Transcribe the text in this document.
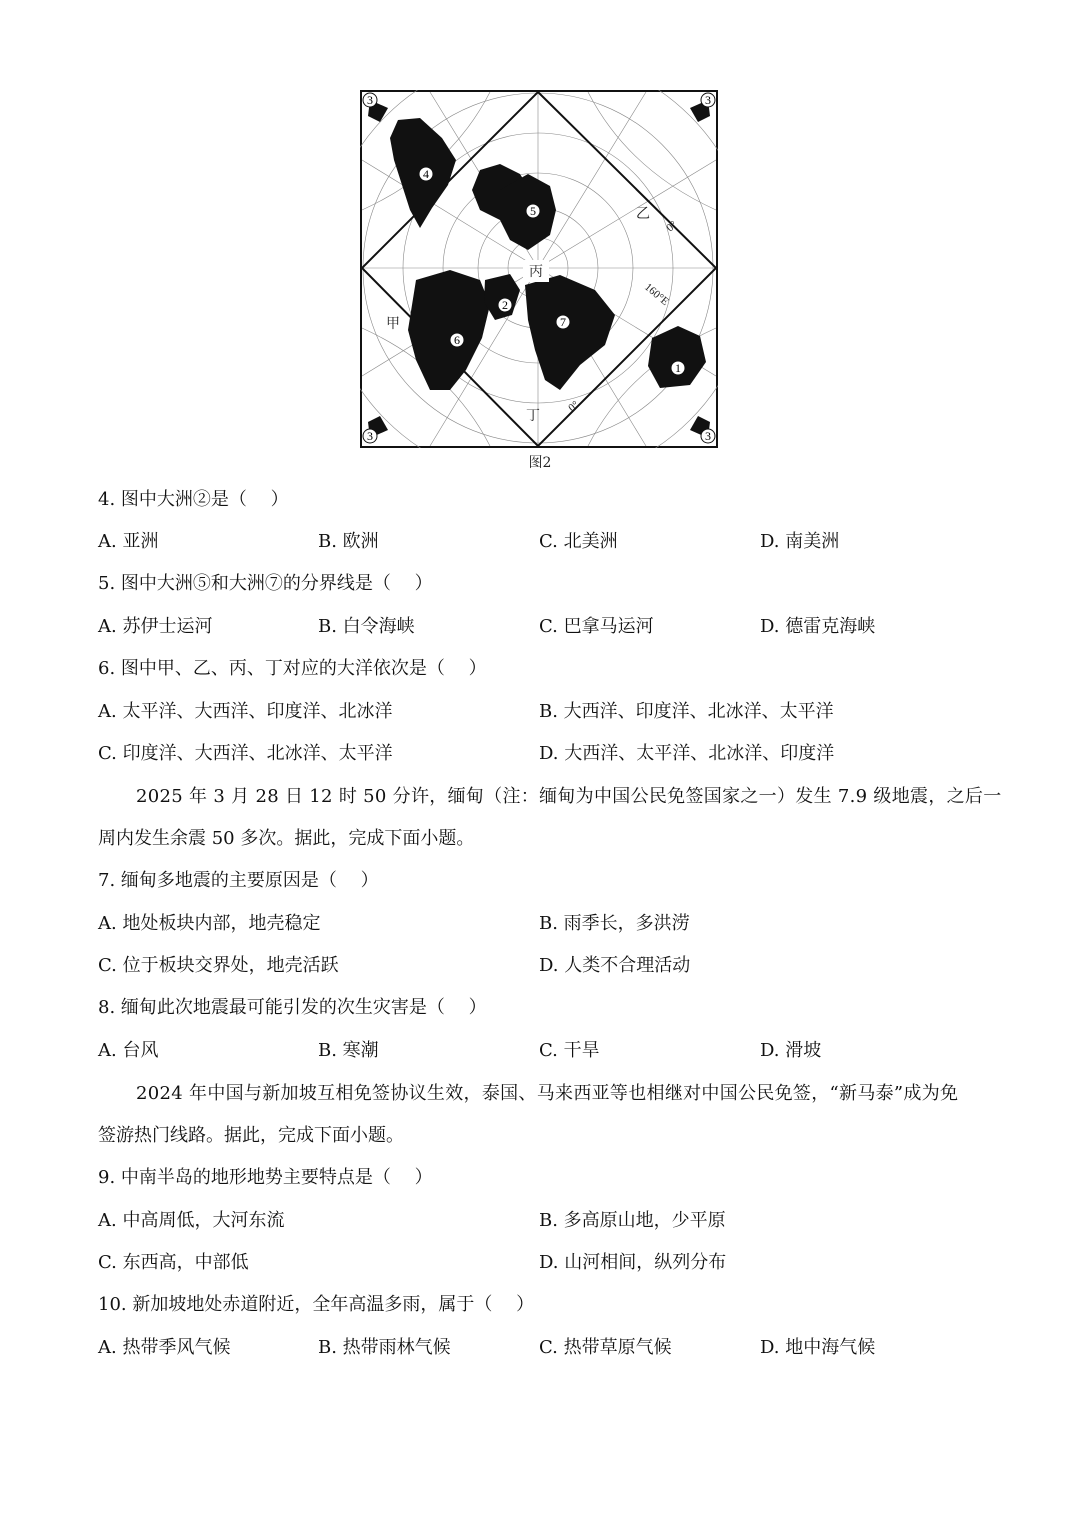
3	3
3	3
4
5
2
6
7
1
丙
甲
乙
丁
0°
0°
160°E
图2
4. 图中大洲②是（　 ）
A. 亚洲	B. 欧洲	C. 北美洲	D. 南美洲
5. 图中大洲⑤和大洲⑦的分界线是（　 ）
A. 苏伊士运河	B. 白令海峡	C. 巴拿马运河	D. 德雷克海峡
6. 图中甲、乙、丙、丁对应的大洋依次是（　 ）
A. 太平洋、大西洋、印度洋、北冰洋	B. 大西洋、印度洋、北冰洋、太平洋
C. 印度洋、大西洋、北冰洋、太平洋	D. 大西洋、太平洋、北冰洋、印度洋
2025 年 3 月 28 日 12 时 50 分许，缅甸（注：缅甸为中国公民免签国家之一）发生 7.9 级地震，之后一
周内发生余震 50 多次。据此，完成下面小题。
7. 缅甸多地震的主要原因是（　 ）
A. 地处板块内部，地壳稳定	B. 雨季长，多洪涝
C. 位于板块交界处，地壳活跃	D. 人类不合理活动
8. 缅甸此次地震最可能引发的次生灾害是（　 ）
A. 台风	B. 寒潮	C. 干旱	D. 滑坡
2024 年中国与新加坡互相免签协议生效，泰国、马来西亚等也相继对中国公民免签，“新马泰”成为免
签游热门线路。据此，完成下面小题。
9. 中南半岛的地形地势主要特点是（　 ）
A. 中高周低，大河东流	B. 多高原山地，少平原
C. 东西高，中部低	D. 山河相间，纵列分布
10. 新加坡地处赤道附近，全年高温多雨，属于（　 ）
A. 热带季风气候	B. 热带雨林气候	C. 热带草原气候	D. 地中海气候
